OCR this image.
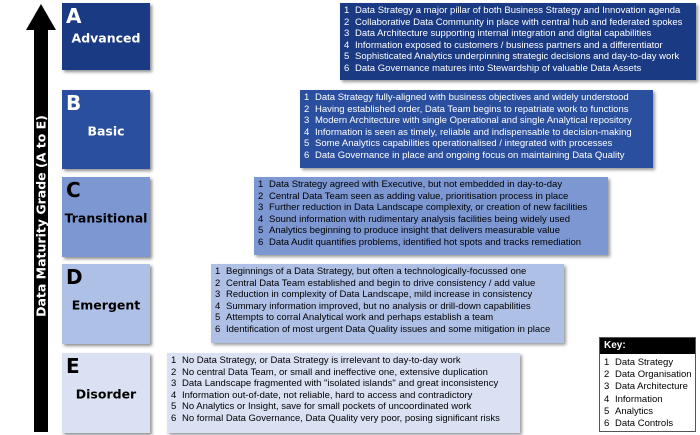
Data Maturity Grade (A to E)
A
Advanced
1 Data Strategy a major pillar of both Business Strategy and Innovation agenda
2 Collaborative Data Community in place with central hub and federated spokes
3 Data Architecture supporting internal integration and digital capabilities
4 Information exposed to customers / business partners and a differentiator
5 Sophisticated Analytics underpinning strategic decisions and day-to-day work
6 Data Governance matures into Stewardship of valuable Data Assets
B
Basic
1 Data Strategy fully-aligned with business objectives and widely understood
2 Having established order, Data Team begins to repatriate work to functions
3 Modern Architecture with single Operational and single Analytical repository
4 Information is seen as timely, reliable and indispensable to decision-making
5 Some Analytics capabilities operationalised / integrated with processes
6 Data Governance in place and ongoing focus on maintaining Data Quality
C
Transitional
1 Data Strategy agreed with Executive, but not embedded in day-to-day
2 Central Data Team seen as adding value, prioritisation process in place
3 Further reduction in Data Landscape complexity, or creation of new facilities
4 Sound information with rudimentary analysis facilities being widely used
5 Analytics beginning to produce insight that delivers measurable value
6 Data Audit quantifies problems, identified hot spots and tracks remediation
D
Emergent
1 Beginnings of a Data Strategy, but often a technologically-focussed one
2 Central Data Team established and begin to drive consistency / add value
3 Reduction in complexity of Data Landscape, mild increase in consistency
4 Summary information improved, but no analysis or drill-down capabilities
5 Attempts to corral Analytical work and perhaps establish a team
6 Identification of most urgent Data Quality issues and some mitigation in place
E
Disorder
1 No Data Strategy, or Data Strategy is irrelevant to day-to-day work
2 No central Data Team, or small and ineffective one, extensive duplication
3 Data Landscape fragmented with "isolated islands" and great inconsistency
4 Information out-of-date, not reliable, hard to access and contradictory
5 No Analytics or Insight, save for small pockets of uncoordinated work
6 No formal Data Governance, Data Quality very poor, posing significant risks
Key:
1 Data Strategy
2 Data Organisation
3 Data Architecture
4 Information
5 Analytics
6 Data Controls
